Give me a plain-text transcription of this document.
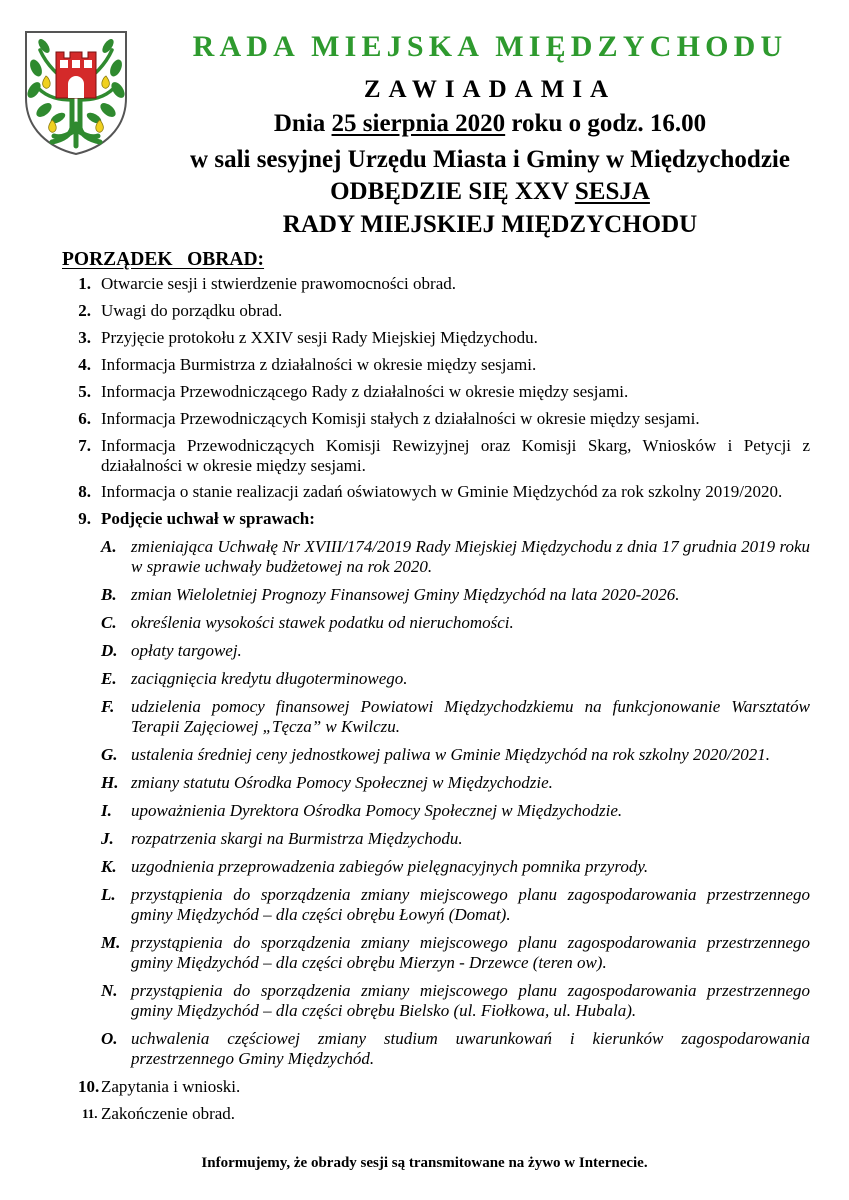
RADA MIEJSKA MIĘDZYCHODU
ZAWIADAMIA
Dnia 25 sierpnia 2020 roku o godz. 16.00
w sali sesyjnej Urzędu Miasta i Gminy w Międzychodzie
ODBĘDZIE SIĘ XXV SESJA
RADY MIEJSKIEJ MIĘDZYCHODU
PORZĄDEK   OBRAD:
1. Otwarcie sesji i stwierdzenie prawomocności obrad.
2. Uwagi do porządku obrad.
3. Przyjęcie protokołu z XXIV sesji Rady Miejskiej Międzychodu.
4. Informacja Burmistrza z działalności w okresie między sesjami.
5. Informacja Przewodniczącego Rady z działalności w okresie między sesjami.
6. Informacja Przewodniczących Komisji stałych z działalności w okresie między sesjami.
7. Informacja Przewodniczących Komisji Rewizyjnej oraz Komisji Skarg, Wniosków i Petycji z działalności w okresie między sesjami.
8. Informacja o stanie realizacji zadań oświatowych w Gminie Międzychód za rok szkolny 2019/2020.
9. Podjęcie uchwał w sprawach:
A. zmieniająca Uchwałę Nr XVIII/174/2019 Rady Miejskiej Międzychodu z dnia 17 grudnia 2019 roku w sprawie uchwały budżetowej na rok 2020.
B. zmian Wieloletniej Prognozy Finansowej Gminy Międzychód na lata 2020-2026.
C. określenia wysokości stawek podatku od nieruchomości.
D. opłaty targowej.
E. zaciągnięcia kredytu długoterminowego.
F. udzielenia pomocy finansowej Powiatowi Międzychodzkiemu na funkcjonowanie Warsztatów Terapii Zajęciowej „Tęcza” w Kwilczu.
G. ustalenia średniej ceny jednostkowej paliwa w Gminie Międzychód na rok szkolny 2020/2021.
H. zmiany statutu Ośrodka Pomocy Społecznej w Międzychodzie.
I.	upoważnienia Dyrektora Ośrodka Pomocy Społecznej w Międzychodzie.
J.	rozpatrzenia skargi na Burmistrza Międzychodu.
K. uzgodnienia przeprowadzenia zabiegów pielęgnacyjnych pomnika przyrody.
L. przystąpienia do sporządzenia zmiany miejscowego planu zagospodarowania przestrzennego gminy Międzychód – dla części obrębu Łowyń (Domat).
M. przystąpienia do sporządzenia zmiany miejscowego planu zagospodarowania przestrzennego gminy Międzychód – dla części obrębu Mierzyn - Drzewce (teren ow).
N. przystąpienia do sporządzenia zmiany miejscowego planu zagospodarowania przestrzennego gminy Międzychód – dla części obrębu Bielsko (ul. Fiołkowa, ul. Hubala).
O. uchwalenia częściowej zmiany studium uwarunkowań i kierunków zagospodarowania przestrzennego Gminy Międzychód.
10. Zapytania i wnioski.
11. Zakończenie obrad.
Informujemy, że obrady sesji są transmitowane na żywo w Internecie.
